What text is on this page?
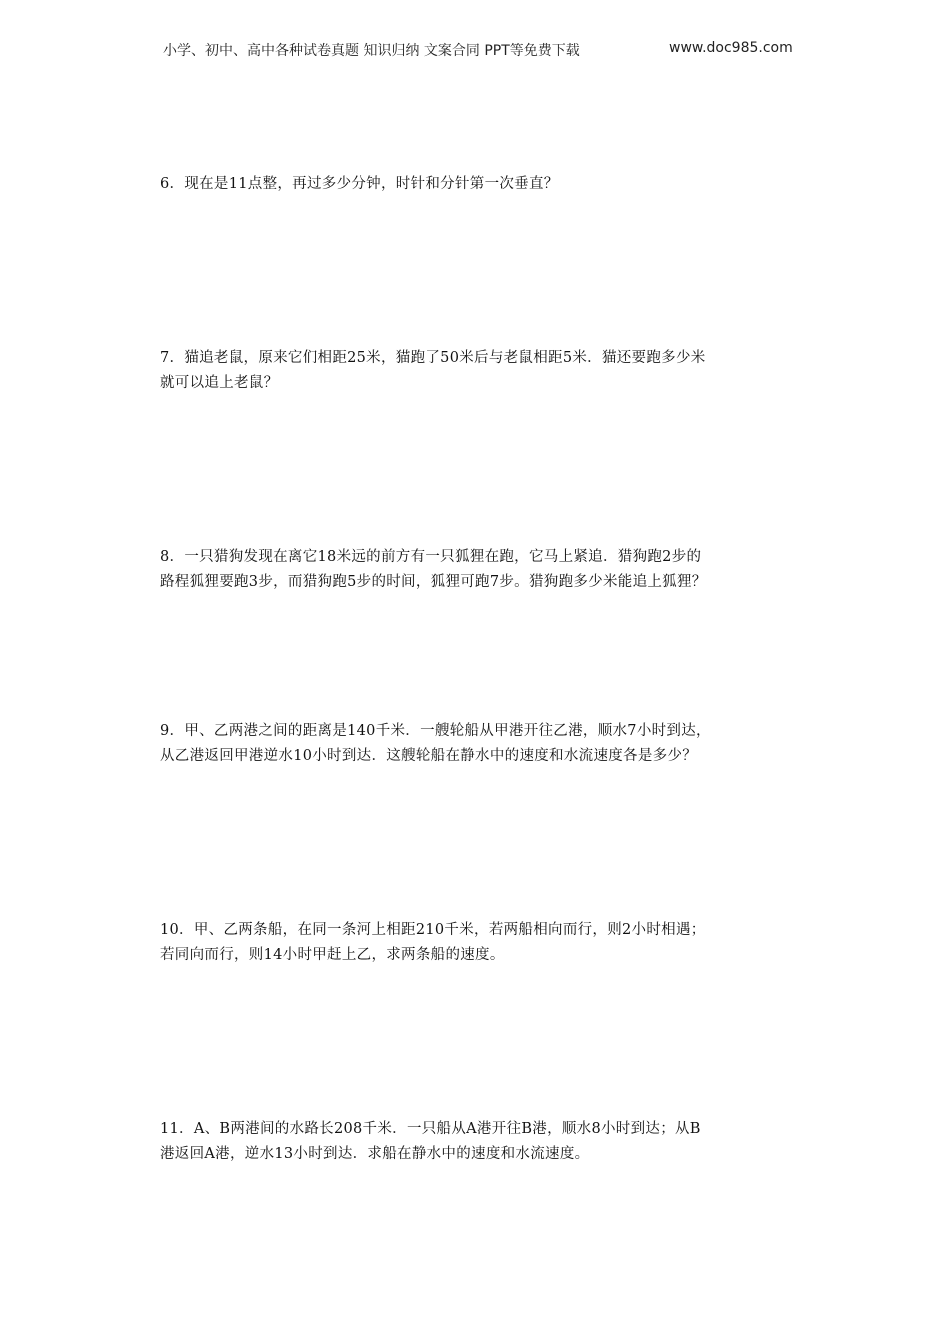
小学、初中、高中各种试卷真题 知识归纳 文案合同 PPT等免费下载	www.doc985.com
6．现在是11点整，再过多少分钟，时针和分针第一次垂直？
7．猫追老鼠，原来它们相距25米，猫跑了50米后与老鼠相距5米．猫还要跑多少米
就可以追上老鼠？
8．一只猎狗发现在离它18米远的前方有一只狐狸在跑，它马上紧追．猎狗跑2步的
路程狐狸要跑3步，而猎狗跑5步的时间，狐狸可跑7步。猎狗跑多少米能追上狐狸？
9．甲、乙两港之间的距离是140千米．一艘轮船从甲港开往乙港，顺水7小时到达，
从乙港返回甲港逆水10小时到达．这艘轮船在静水中的速度和水流速度各是多少？
10．甲、乙两条船，在同一条河上相距210千米，若两船相向而行，则2小时相遇；
若同向而行，则14小时甲赶上乙，求两条船的速度。
11．A、B两港间的水路长208千米．一只船从A港开往B港，顺水8小时到达；从B
港返回A港，逆水13小时到达．求船在静水中的速度和水流速度。
